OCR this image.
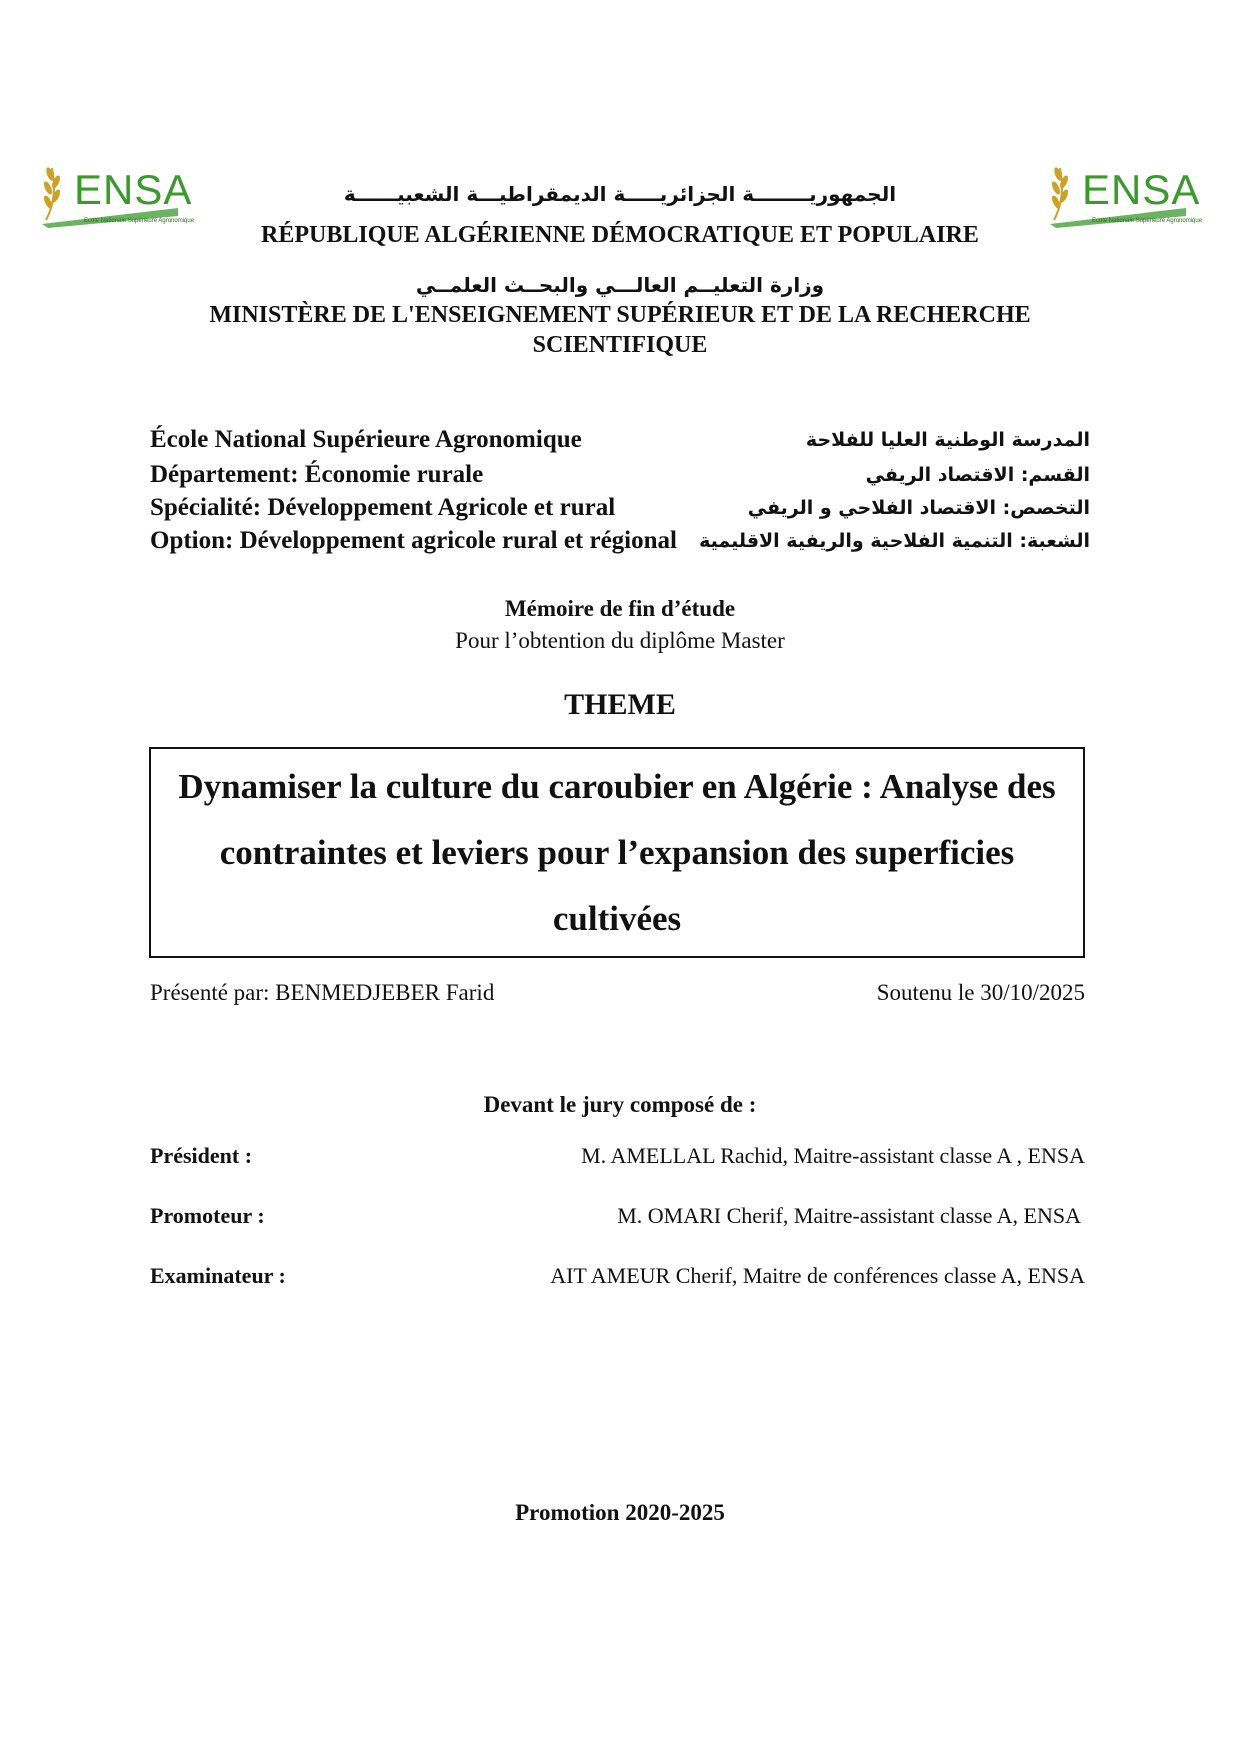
ENSA
Ecole Nationale Supérieure Agronomique
ENSA
Ecole Nationale Supérieure Agronomique
الجمهوريــــــــة الجزائريـــــة الديمقراطيـــة الشعبيــــــة
RÉPUBLIQUE ALGÉRIENNE DÉMOCRATIQUE ET POPULAIRE
وزارة التعليــم العالـــي والبحــث العلمــي
MINISTÈRE DE L'ENSEIGNEMENT SUPÉRIEUR ET DE LA RECHERCHE
SCIENTIFIQUE
École National Supérieure Agronomique	المدرسة الوطنية العليا للفلاحة
Département: Économie rurale	القسم: الاقتصاد الريفي
Spécialité: Développement Agricole et rural	التخصص: الاقتصاد الفلاحي و الريفي
Option: Développement agricole rural et régional الشعبة: التنمية الفلاحية والريفية الاقليمية
Mémoire de fin d’étude
Pour l’obtention du diplôme Master
THEME

Dynamiser la culture du caroubier en Algérie : Analyse des contraintes et leviers pour l’expansion des superficies cultivées

Présenté par: BENMEDJEBER Farid	Soutenu le 30/10/2025
Devant le jury composé de :
Président :	M. AMELLAL Rachid, Maitre-assistant classe A , ENSA
Promoteur :	M. OMARI Cherif, Maitre-assistant classe A, ENSA
Examinateur :	AIT AMEUR Cherif, Maitre de conférences classe A, ENSA
Promotion 2020-2025
